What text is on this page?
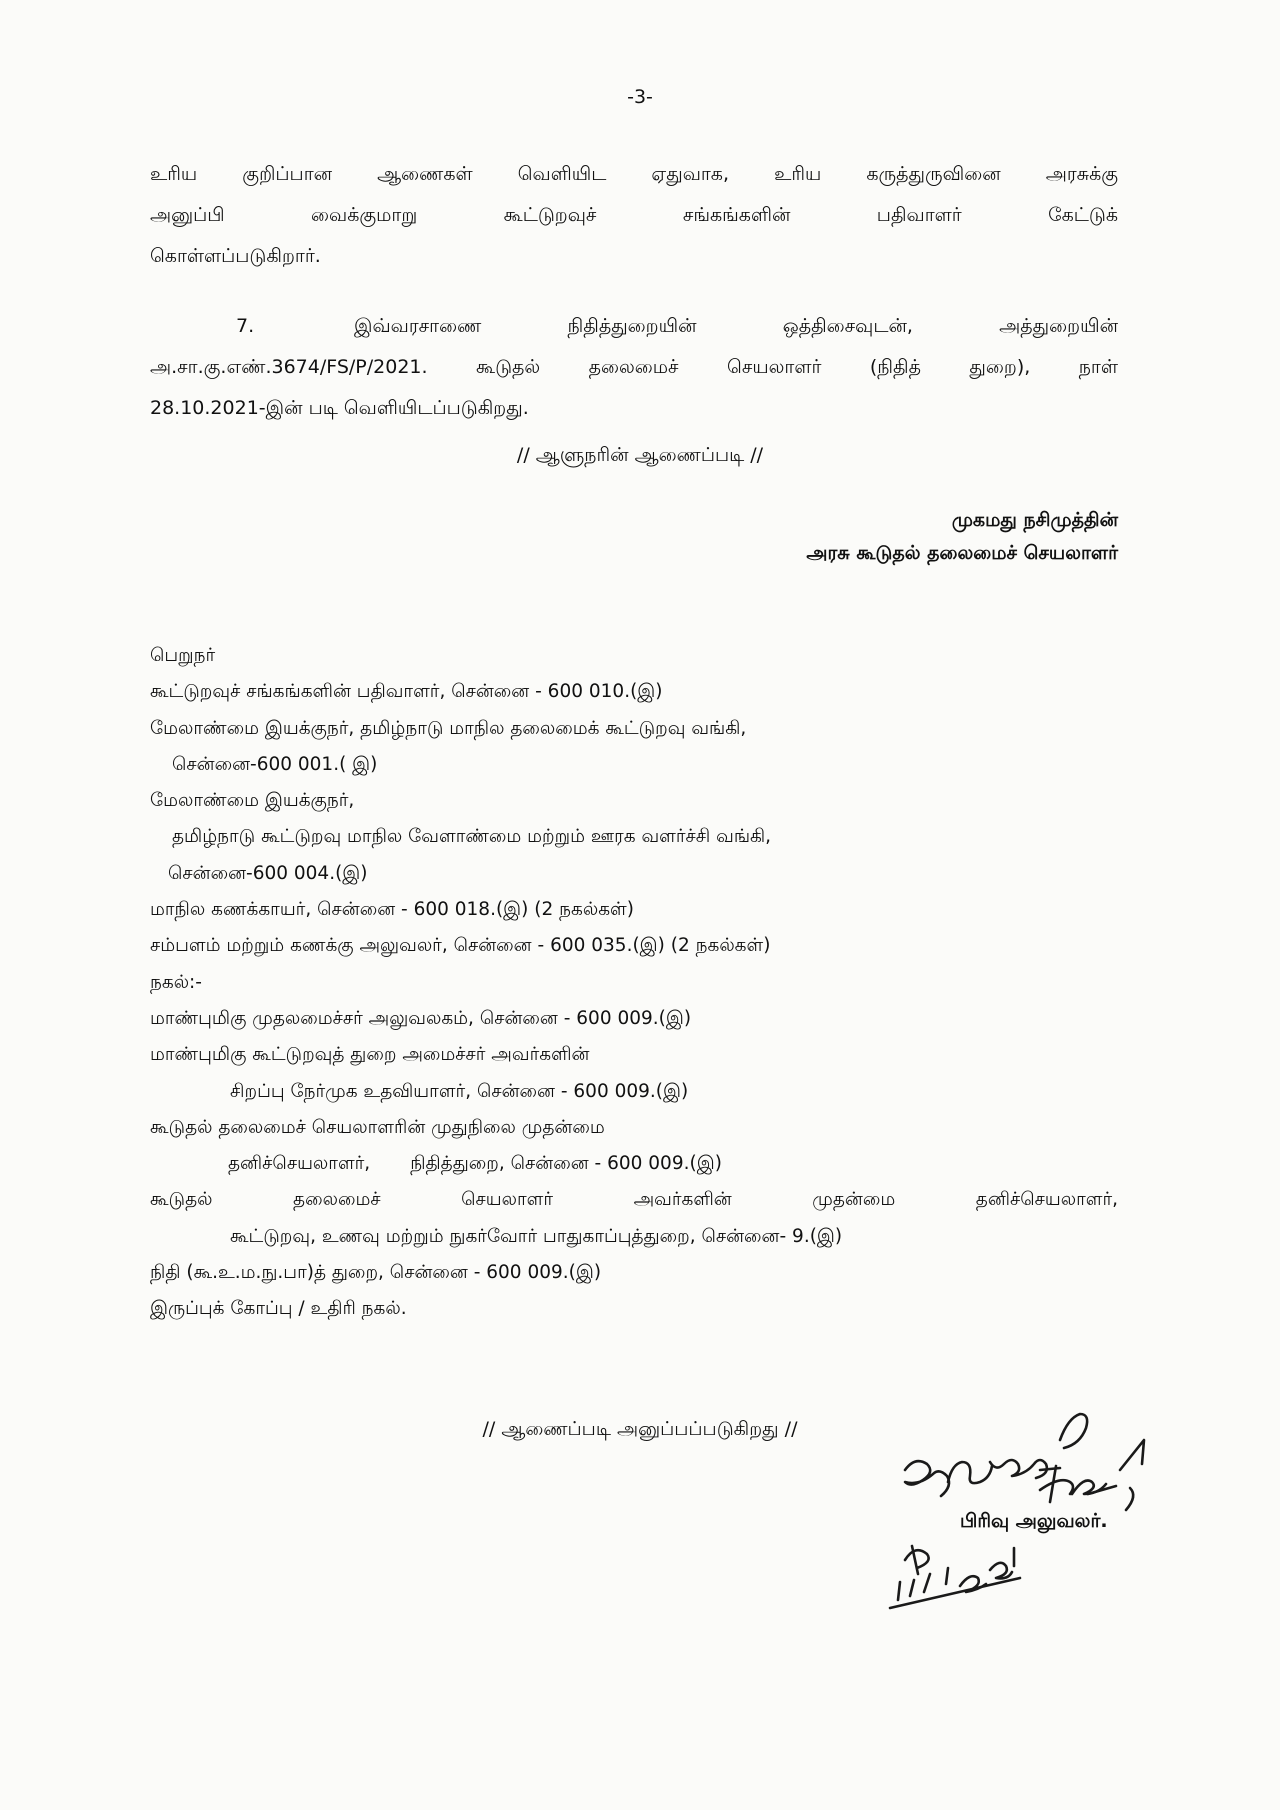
-3-
உரிய குறிப்பான ஆணைகள் வெளியிட ஏதுவாக, உரிய கருத்துருவினை அரசுக்கு
அனுப்பி வைக்குமாறு கூட்டுறவுச் சங்கங்களின் பதிவாளர் கேட்டுக்
கொள்ளப்படுகிறார்.
7.	இவ்வரசாணை நிதித்துறையின் ஒத்திசைவுடன், அத்துறையின்
அ.சா.கு.எண்.3674/FS/P/2021. கூடுதல் தலைமைச் செயலாளர் (நிதித் துறை), நாள்
28.10.2021-இன் படி வெளியிடப்படுகிறது.
// ஆளுநரின் ஆணைப்படி //
முகமது நசிமுத்தின்
அரசு கூடுதல் தலைமைச் செயலாளர்
பெறுநர்
கூட்டுறவுச் சங்கங்களின் பதிவாளர், சென்னை - 600 010.(இ)
மேலாண்மை இயக்குநர், தமிழ்நாடு மாநில தலைமைக் கூட்டுறவு வங்கி,
சென்னை-600 001.( இ)
மேலாண்மை இயக்குநர்,
தமிழ்நாடு கூட்டுறவு மாநில வேளாண்மை மற்றும் ஊரக வளர்ச்சி வங்கி,
சென்னை-600 004.(இ)
மாநில கணக்காயர், சென்னை - 600 018.(இ) (2 நகல்கள்)
சம்பளம் மற்றும் கணக்கு அலுவலர், சென்னை - 600 035.(இ) (2 நகல்கள்)
நகல்:-
மாண்புமிகு முதலமைச்சர் அலுவலகம், சென்னை - 600 009.(இ)
மாண்புமிகு கூட்டுறவுத் துறை அமைச்சர் அவர்களின்
சிறப்பு நேர்முக உதவியாளர், சென்னை - 600 009.(இ)
கூடுதல் தலைமைச் செயலாளரின் முதுநிலை முதன்மை
தனிச்செயலாளர், நிதித்துறை, சென்னை - 600 009.(இ)
கூடுதல் தலைமைச் செயலாளர் அவர்களின் முதன்மை தனிச்செயலாளர்,
கூட்டுறவு, உணவு மற்றும் நுகர்வோர் பாதுகாப்புத்துறை, சென்னை- 9.(இ)
நிதி (கூ.உ.ம.நு.பா)த் துறை, சென்னை - 600 009.(இ)
இருப்புக் கோப்பு / உதிரி நகல்.
// ஆணைப்படி அனுப்பப்படுகிறது //
பிரிவு அலுவலர்.
